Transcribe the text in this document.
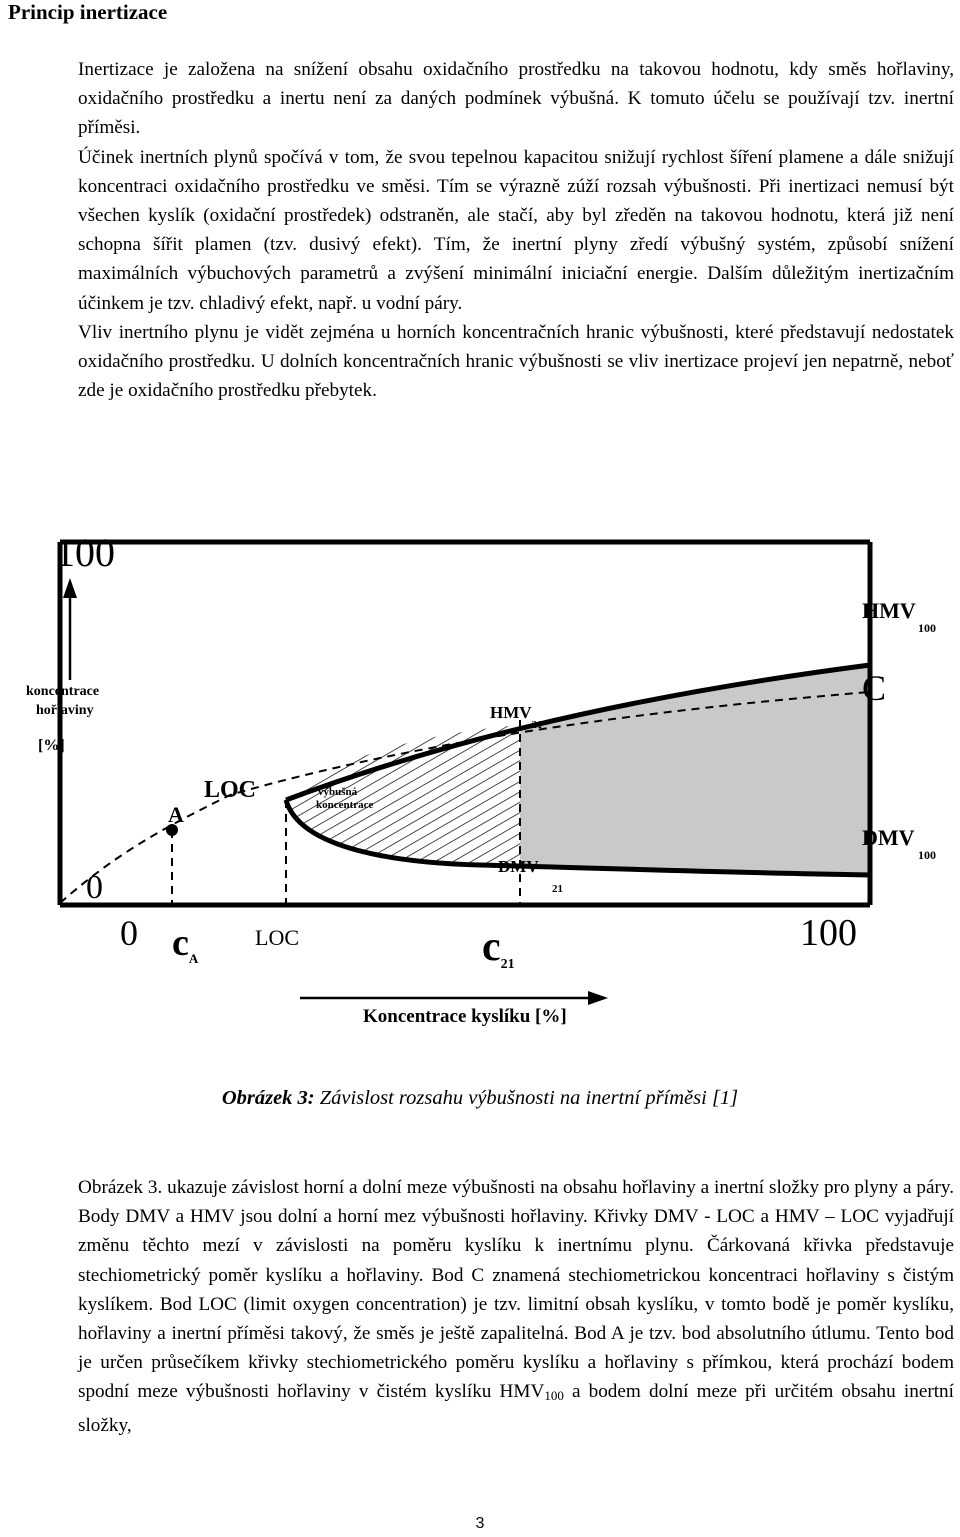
Princip inertizace
Inertizace je založena na snížení obsahu oxidačního prostředku na takovou hodnotu, kdy směs hořlaviny, oxidačního prostředku a inertu není za daných podmínek výbušná. K tomuto účelu se používají tzv. inertní příměsi.
Účinek inertních plynů spočívá v tom, že svou tepelnou kapacitou snižují rychlost šíření plamene a dále snižují koncentraci oxidačního prostředku ve směsi. Tím se výrazně zúží rozsah výbušnosti. Při inertizaci nemusí být všechen kyslík (oxidační prostředek) odstraněn, ale stačí, aby byl zředěn na takovou hodnotu, která již není schopna šířit plamen (tzv. dusivý efekt). Tím, že inertní plyny zředí výbušný systém, způsobí snížení maximálních výbuchových parametrů a zvýšení minimální iniciační energie. Dalším důležitým inertizačním účinkem je tzv. chladivý efekt, např. u vodní páry.
Vliv inertního plynu je vidět zejména u horních koncentračních hranic výbušnosti, které představují nedostatek oxidačního prostředku. U dolních koncentračních hranic výbušnosti se vliv inertizace projeví jen nepatrně, neboť zde je oxidačního prostředku přebytek.
100
0
koncentrace
hořlaviny
[%]
0	100
Koncentrace kyslíku [%]
$c_A$
LOC	c21
LOC
A
C
HMV100
DMV100
$HMV_{21}$
DMV21
výbušná
koncentrace
Obrázek 3: Závislost rozsahu výbušnosti na inertní příměsi [1]
Obrázek 3. ukazuje závislost horní a dolní meze výbušnosti na obsahu hořlaviny a inertní složky pro plyny a páry. Body DMV a HMV jsou dolní a horní mez výbušnosti hořlaviny. Křivky DMV - LOC a HMV – LOC vyjadřují změnu těchto mezí v závislosti na poměru kyslíku k inertnímu plynu. Čárkovaná křivka představuje stechiometrický poměr kyslíku a hořlaviny. Bod C znamená stechiometrickou koncentraci hořlaviny s čistým kyslíkem. Bod LOC (limit oxygen concentration) je tzv. limitní obsah kyslíku, v tomto bodě je poměr kyslíku, hořlaviny a inertní příměsi takový, že směs je ještě zapalitelná. Bod A je tzv. bod absolutního útlumu. Tento bod je určen průsečíkem křivky stechiometrického poměru kyslíku a hořlaviny s přímkou, která prochází bodem spodní meze výbušnosti hořlaviny v čistém kyslíku $HMV_{100}$ a bodem dolní meze při určitém obsahu inertní složky,
3
